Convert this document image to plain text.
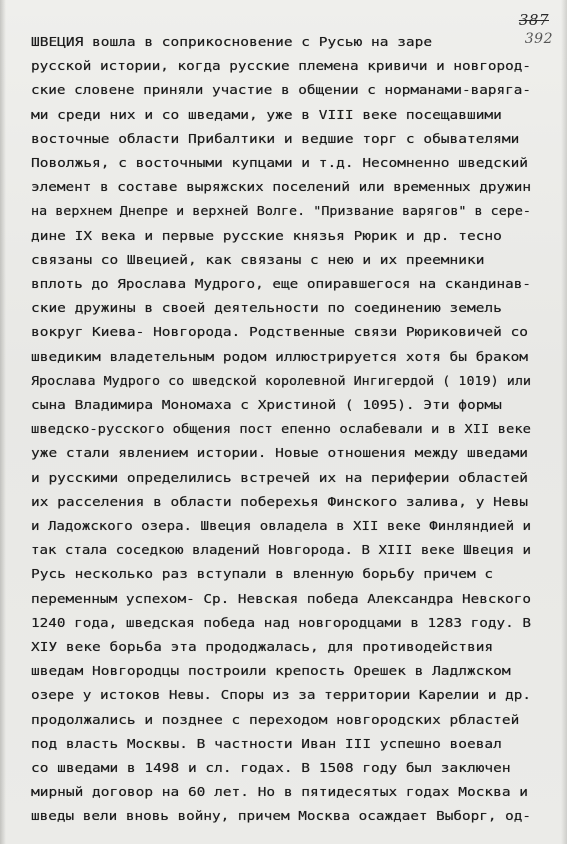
387
392
ШВЕЦИЯ вошла в соприкосновение с Русью на заре
русской истории, когда русские племена кривичи и новгород-
ские словене приняли участие в общении с норманами-варяга-
ми среди них и со шведами, уже в VIII веке посещавшими
восточные области Прибалтики и ведшие торг с обывателями
Поволжья, с восточными купцами и т.д. Несомненно шведский
элемент в составе выряжских поселений или временных дружин
на верхнем Днепре и верхней Волге. "Призвание варягов" в сере-
дине IX века и первые русские князья Рюрик и др. тесно
связаны со Швецией, как связаны с нею и их преемники
вплоть до Ярослава Мудрого, еще опиравшегося на скандинав-
ские дружины в своей деятельности по соединению земель
вокруг Киева- Новгорода. Родственные связи Рюриковичей со
шведиким владетельным родом иллюстрируется хотя бы браком
Ярослава Мудрого со шведской королевной Ингигердой ( 1019) или
сына Владимира Мономаха с Христиной ( 1095). Эти формы
шведско-русского общения пост епенно ослабевали и в XII веке
уже стали явлением истории. Новые отношения между шведами
и русскими определились встречей их на периферии областей
их расселения в области поберехья Финского залива, у Невы
и Ладожского озера. Швеция овладела в XII веке Финляндией и
так стала соседкою владений Новгорода. В XIII веке Швеция и
Русь несколько раз вступали в вленную борьбу причем с
переменным успехом- Ср. Невская победа Александра Невского
1240 года, шведская победа над новгородцами в 1283 году. В
XIУ веке борьба эта прододжалась, для противодействия
шведам Новгородцы построили крепость Орешек в Ладлжском
озере у истоков Невы. Споры из за территории Карелии и др.
продолжались и позднее с переходом новгородских рбластей
под власть Москвы. В частности Иван III успешно воевал
со шведами в 1498 и сл. годах. В 1508 году был заключен
мирный договор на 60 лет. Но в пятидесятых годах Москва и
шведы вели вновь войну, причем Москва осаждает Выборг, од-
